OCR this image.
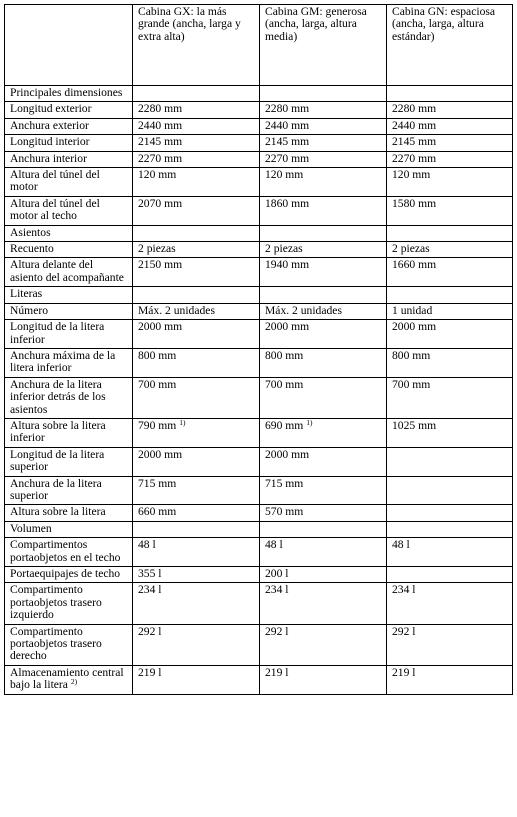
	Cabina GX: la más grande (ancha, larga y extra alta)	Cabina GM: generosa (ancha, larga, altura media)	Cabina GN: espaciosa (ancha, larga, altura estándar)
Principales dimensiones			
Longitud exterior	2280 mm	2280 mm	2280 mm
Anchura exterior	2440 mm	2440 mm	2440 mm
Longitud interior	2145 mm	2145 mm	2145 mm
Anchura interior	2270 mm	2270 mm	2270 mm
Altura del túnel del motor	120 mm	120 mm	120 mm
Altura del túnel del motor al techo	2070 mm	1860 mm	1580 mm
Asientos			
Recuento	2 piezas	2 piezas	2 piezas
Altura delante del asiento del acompañante	2150 mm	1940 mm	1660 mm
Literas			
Número	Máx. 2 unidades	Máx. 2 unidades	1 unidad
Longitud de la litera inferior	2000 mm	2000 mm	2000 mm
Anchura máxima de la litera inferior	800 mm	800 mm	800 mm
Anchura de la litera inferior detrás de los asientos	700 mm	700 mm	700 mm
Altura sobre la litera inferior	790 mm $^{1)}$	690 mm $^{1)}$	1025 mm
Longitud de la litera superior	2000 mm	2000 mm	
Anchura de la litera superior	715 mm	715 mm	
Altura sobre la litera	660 mm	570 mm	
Volumen			
Compartimentos portaobjetos en el techo	48 l	48 l	48 l
Portaequipajes de techo	355 l	200 l	
Compartimento portaobjetos trasero izquierdo	234 l	234 l	234 l
Compartimento portaobjetos trasero derecho	292 l	292 l	292 l
Almacenamiento central bajo la litera $^{2)}$	219 l	219 l	219 l
